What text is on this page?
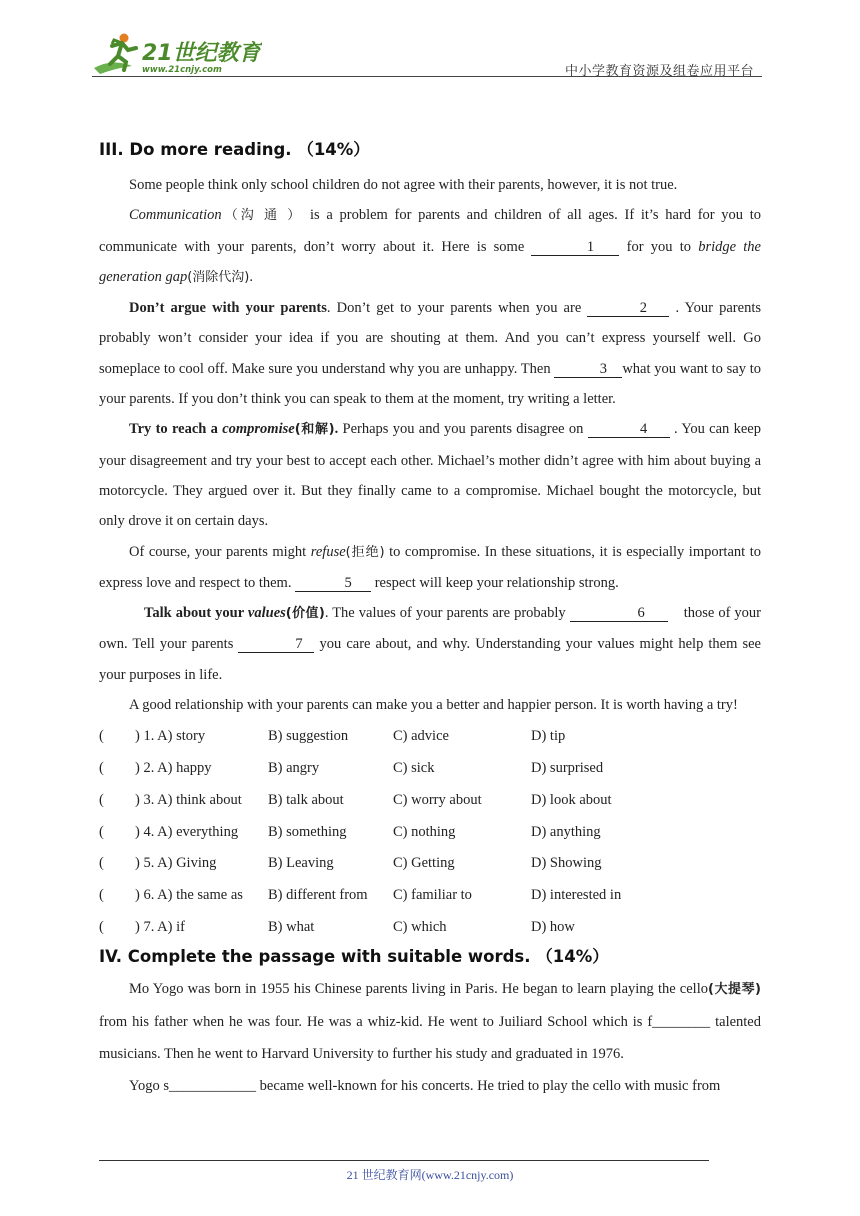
21世纪教育
www.21cnjy.com	中小学教育资源及组卷应用平台
III. Do more reading. （14%）

Some people think only school children do not agree with their parents, however, it is not true.

Communication（沟 通 ） is a problem for parents and children of all ages. If it’s hard for you to communicate with your parents, don’t worry about it. Here is some	1 for you to bridge the generation gap(消除代沟).

Don’t argue with your parents. Don’t get to your parents when you are	2 . Your parents probably won’t consider your idea if you are shouting at them. And you can’t express yourself well. Go someplace to cool off. Make sure you understand why you are unhappy. Then	3 what you want to say to your parents. If you don’t think you can speak to them at the moment, try writing a letter.

Try to reach a compromise(和解). Perhaps you and you parents disagree on	4 . You can keep your disagreement and try your best to accept each other. Michael’s mother didn’t agree with him about buying a motorcycle. They argued over it. But they finally came to a compromise. Michael bought the motorcycle, but only drove it on certain days.

Of course, your parents might refuse(拒绝) to compromise. In these situations, it is especially important to express love and respect to them.	5 respect will keep your relationship strong.

Talk about your values(价值). The values of your parents are probably	6    those of your own. Tell your parents	7 you care about, and why. Understanding your values might help them see your purposes in life.

A good relationship with your parents can make you a better and happier person. It is worth having a try!

(	) 1. A) story	B) suggestion	C) advice	D) tip
(	) 2. A) happy	B) angry	C) sick	D) surprised
(	) 3. A) think about	B) talk about	C) worry about	D) look about
(	) 4. A) everything	B) something	C) nothing	D) anything
(	) 5. A) Giving	B) Leaving	C) Getting	D) Showing
(	) 6. A) the same as	B) different from	C) familiar to	D) interested in
(	) 7. A) if	B) what	C) which	D) how
IV. Complete the passage with suitable words. （14%）

Mo Yogo was born in 1955 his Chinese parents living in Paris. He began to learn playing the cello(大提琴) from his father when he was four. He was a whiz-kid. He went to Juiliard School which is f________ talented musicians. Then he went to Harvard University to further his study and graduated in 1976.

Yogo s____________ became well-known for his concerts. He tried to play the cello with music from

21 世纪教育网(www.21cnjy.com)
